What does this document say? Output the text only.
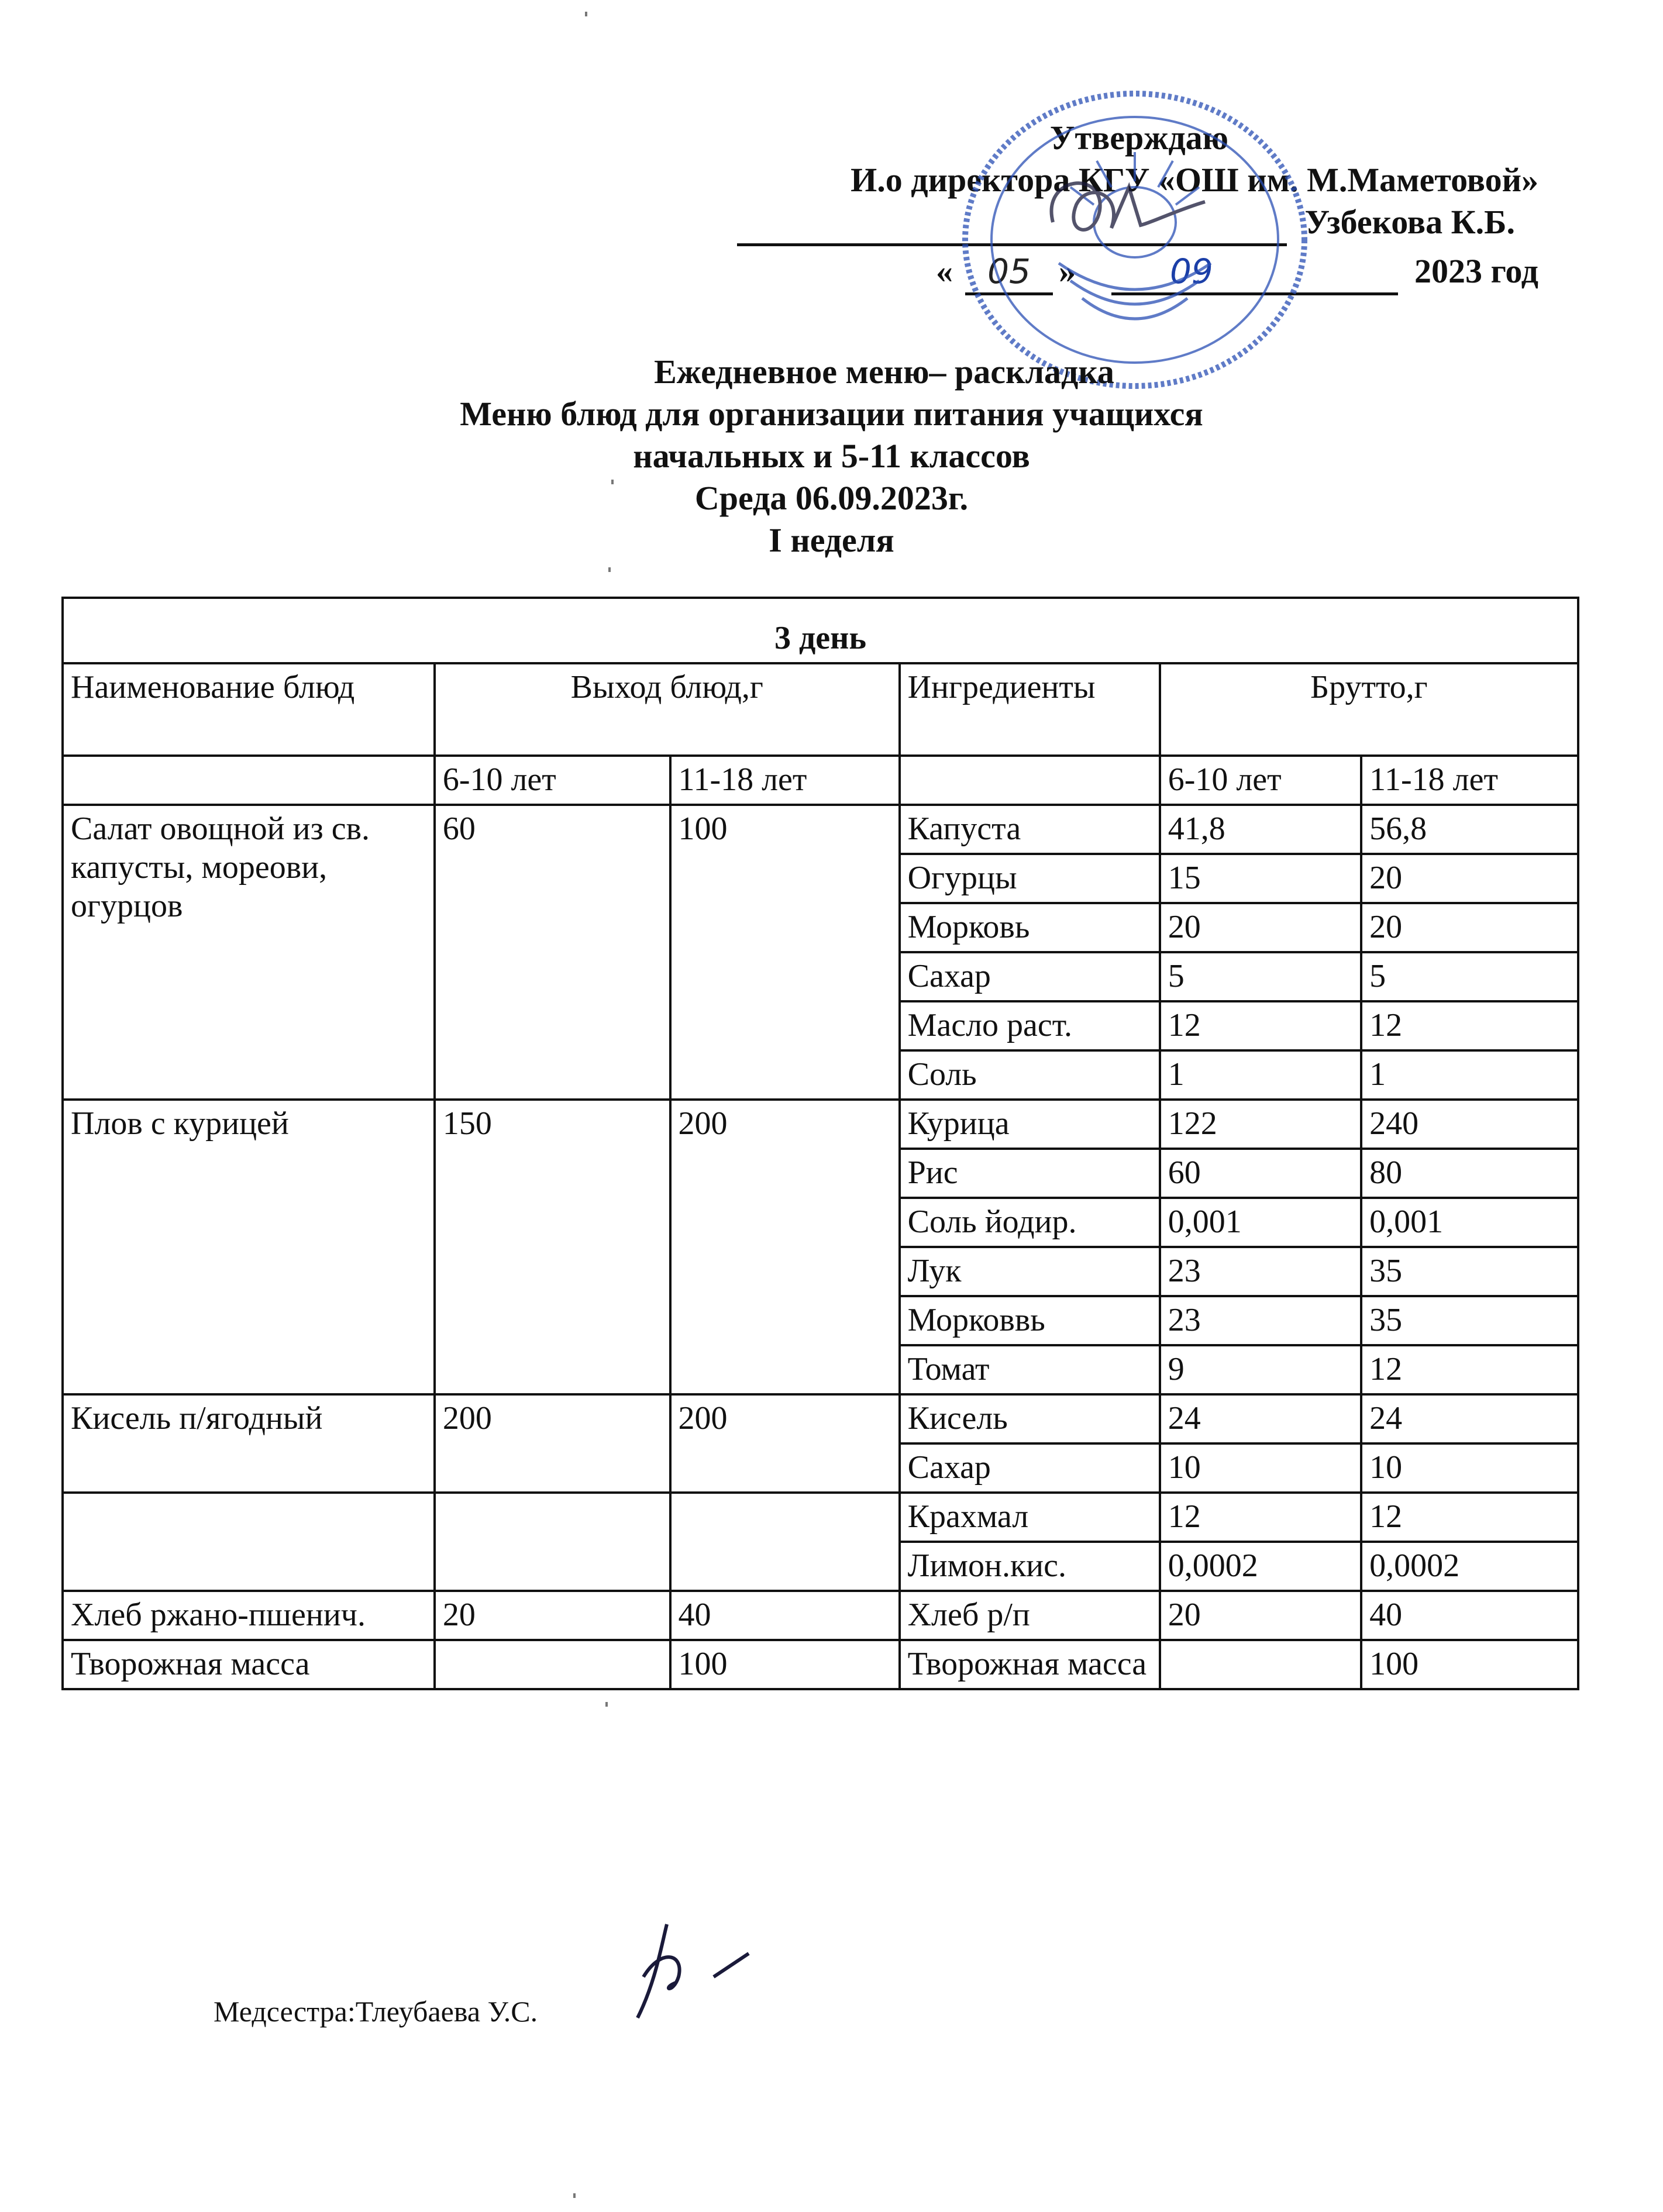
Утверждаю
И.о директора КГУ «ОШ им. М.Маметовой»
Узбекова К.Б.
«	05 »	09	2023 год
Ежедневное меню– раскладка
Меню блюд для организации питания учащихся
начальных и 5-11 классов
Среда 06.09.2023г.
I неделя
3 день					
Наименование блюд	Выход блюд,г		Ингредиенты	Брутто,г	
	6-10 лет	11-18 лет		6-10 лет	11-18 лет
Салат овощной из св. капусты, мореови, огурцов	60	100	Капуста	41,8	56,8
			Огурцы	15	20
			Морковь	20	20
			Сахар	5	5
			Масло раст.	12	12
			Соль	1	1
Плов с курицей	150	200	Курица	122	240
			Рис	60	80
			Соль йодир.	0,001	0,001
			Лук	23	35
			Морковвь	23	35
			Томат	9	12
Кисель п/ягодный	200	200	Кисель	24	24
			Сахар	10	10
			Крахмал	12	12
			Лимон.кис.	0,0002	0,0002
Хлеб ржано-пшенич.	20	40	Хлеб р/п	20	40
Творожная масса		100	Творожная масса		100
Медсестра:Тлеубаева У.С.
